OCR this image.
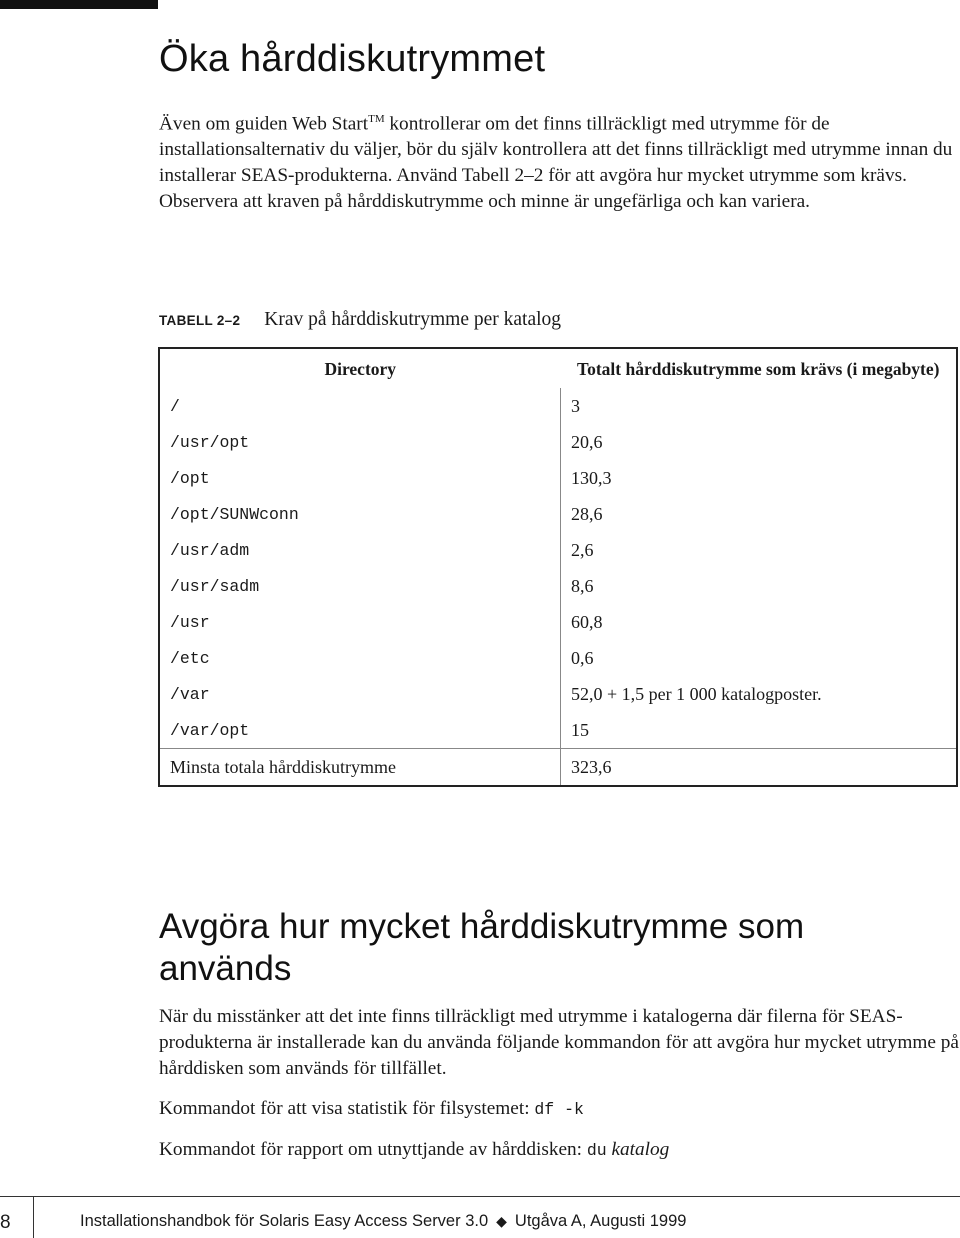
Öka hårddiskutrymmet

Även om guiden Web Start™ kontrollerar om det finns tillräckligt med utrymme för de installationsalternativ du väljer, bör du själv kontrollera att det finns tillräckligt med utrymme innan du installerar SEAS-produkterna. Använd Tabell 2–2 för att avgöra hur mycket utrymme som krävs. Observera att kraven på hårddiskutrymme och minne är ungefärliga och kan variera.

TABELL 2–2 Krav på hårddiskutrymme per katalog
Directory	Totalt hårddiskutrymme som krävs (i megabyte)
/	3
/usr/opt	20,6
/opt	130,3
/opt/SUNWconn	28,6
/usr/adm	2,6
/usr/sadm	8,6
/usr	60,8
/etc	0,6
/var	52,0 + 1,5 per 1 000 katalogposter.
/var/opt	15
Minsta totala hårddiskutrymme	323,6
Avgöra hur mycket hårddiskutrymme som används

När du misstänker att det inte finns tillräckligt med utrymme i katalogerna där filerna för SEAS-produkterna är installerade kan du använda följande kommandon för att avgöra hur mycket utrymme på hårddisken som används för tillfället.

Kommandot för att visa statistik för filsystemet: df -k

Kommandot för rapport om utnyttjande av hårddisken: du katalog

8	Installationshandbok för Solaris Easy Access Server 3.0 ◆ Utgåva A, Augusti 1999
